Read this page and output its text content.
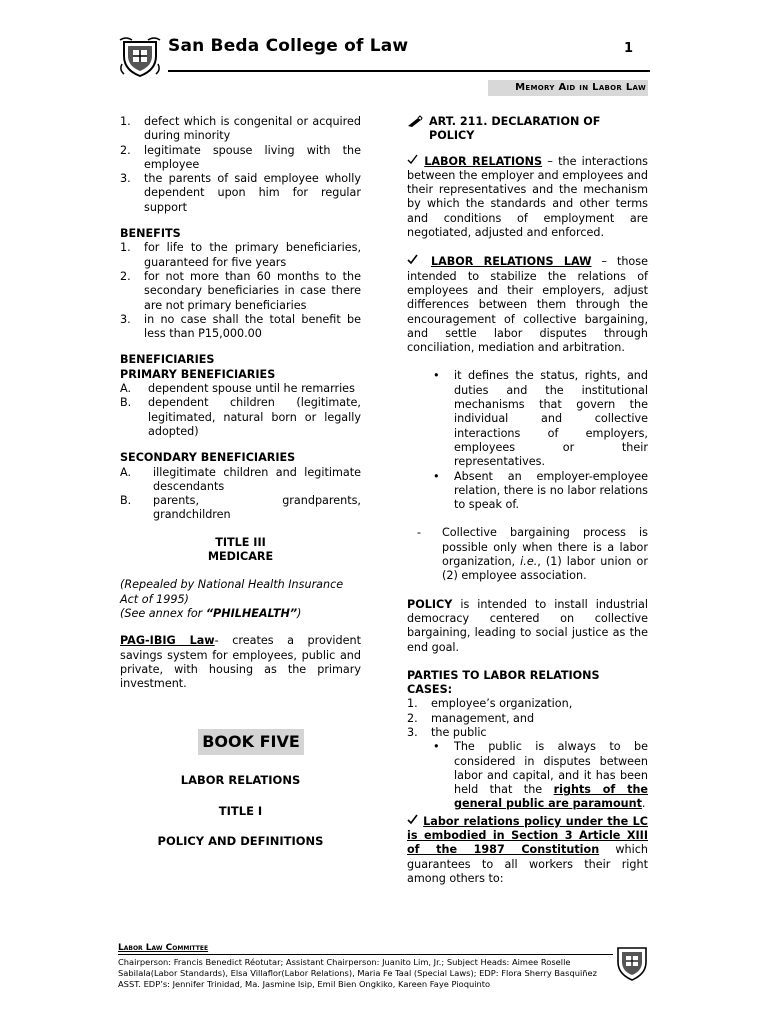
San Beda College of Law	1
Memory Aid in Labor Law
1. defect which is congenital or acquired during minority
2. legitimate spouse living with the employee
3. the parents of said employee wholly dependent upon him for regular support

BENEFITS

1. for life to the primary beneficiaries, guaranteed for five years
2. for not more than 60 months to the secondary beneficiaries in case there are not primary beneficiaries
3. in no case shall the total benefit be less than P15,000.00

BENEFICIARIES

PRIMARY BENEFICIARIES

A. dependent spouse until he remarries
B. dependent children (legitimate, legitimated, natural born or legally adopted)

SECONDARY BENEFICIARIES

A. illegitimate children and legitimate descendants
B. parents, grandparents, grandchildren

TITLE III

MEDICARE

(Repealed by National Health Insurance Act of 1995)

(See annex for “PHILHEALTH”)

PAG-IBIG Law- creates a provident savings system for employees, public and private, with housing as the primary investment.

BOOK FIVE
LABOR RELATIONS
TITLE I
POLICY AND DEFINITIONS

ART. 211. DECLARATION OF POLICY

LABOR RELATIONS – the interactions between the employer and employees and their representatives and the mechanism by which the standards and other terms and conditions of employment are negotiated, adjusted and enforced.

LABOR RELATIONS LAW – those intended to stabilize the relations of employees and their employers, adjust differences between them through the encouragement of collective bargaining, and settle labor disputes through conciliation, mediation and arbitration.

• it defines the status, rights, and duties and the institutional mechanisms that govern the individual and collective interactions of employers, employees or their representatives.
• Absent an employer-employee relation, there is no labor relations to speak of.

- Collective bargaining process is possible only when there is a labor organization, i.e., (1) labor union or (2) employee association.

POLICY is intended to install industrial democracy centered on collective bargaining, leading to social justice as the end goal.

PARTIES TO LABOR RELATIONS CASES:

1. employee’s organization,
2. management, and
3. the public
• The public is always to be considered in disputes between labor and capital, and it has been held that the rights of the general public are paramount.

Labor relations policy under the LC is embodied in Section 3 Article XIII of the 1987 Constitution which guarantees to all workers their right among others to:

Labor Law Committee
Chairperson: Francis Benedict Réotutar; Assistant Chairperson: Juanito Lim, Jr.; Subject Heads: Aimee Roselle
Sabilala(Labor Standards), Elsa Villaflor(Labor Relations), Maria Fe Taal (Special Laws); EDP: Flora Sherry Basquiñez
ASST. EDP’s: Jennifer Trinidad, Ma. Jasmine Isip, Emil Bien Ongkiko, Kareen Faye Pioquinto
